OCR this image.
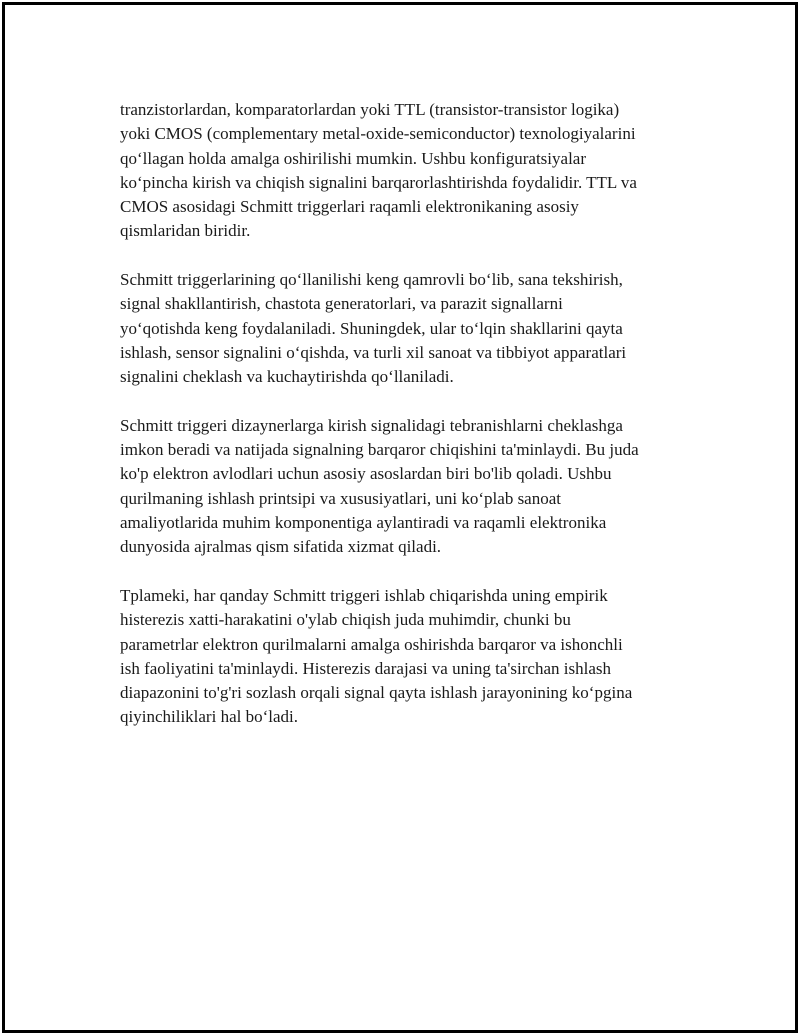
tranzistorlardan, komparatorlardan yoki TTL (transistor-transistor logika)
yoki CMOS (complementary metal-oxide-semiconductor) texnologiyalarini
qo‘llagan holda amalga oshirilishi mumkin. Ushbu konfiguratsiyalar
ko‘pincha kirish va chiqish signalini barqarorlashtirishda foydalidir. TTL va
CMOS asosidagi Schmitt triggerlari raqamli elektronikaning asosiy
qismlaridan biridir.

Schmitt triggerlarining qo‘llanilishi keng qamrovli bo‘lib, sana tekshirish,
signal shakllantirish, chastota generatorlari, va parazit signallarni
yo‘qotishda keng foydalaniladi. Shuningdek, ular to‘lqin shakllarini qayta
ishlash, sensor signalini o‘qishda, va turli xil sanoat va tibbiyot apparatlari
signalini cheklash va kuchaytirishda qo‘llaniladi.

Schmitt triggeri dizaynerlarga kirish signalidagi tebranishlarni cheklashga
imkon beradi va natijada signalning barqaror chiqishini ta'minlaydi. Bu juda
ko'p elektron avlodlari uchun asosiy asoslardan biri bo'lib qoladi. Ushbu
qurilmaning ishlash printsipi va xususiyatlari, uni ko‘plab sanoat
amaliyotlarida muhim komponentiga aylantiradi va raqamli elektronika
dunyosida ajralmas qism sifatida xizmat qiladi.

Tplameki, har qanday Schmitt triggeri ishlab chiqarishda uning empirik
histerezis xatti-harakatini o'ylab chiqish juda muhimdir, chunki bu
parametrlar elektron qurilmalarni amalga oshirishda barqaror va ishonchli
ish faoliyatini ta'minlaydi. Histerezis darajasi va uning ta'sirchan ishlash
diapazonini to'g'ri sozlash orqali signal qayta ishlash jarayonining ko‘pgina
qiyinchiliklari hal bo‘ladi.
